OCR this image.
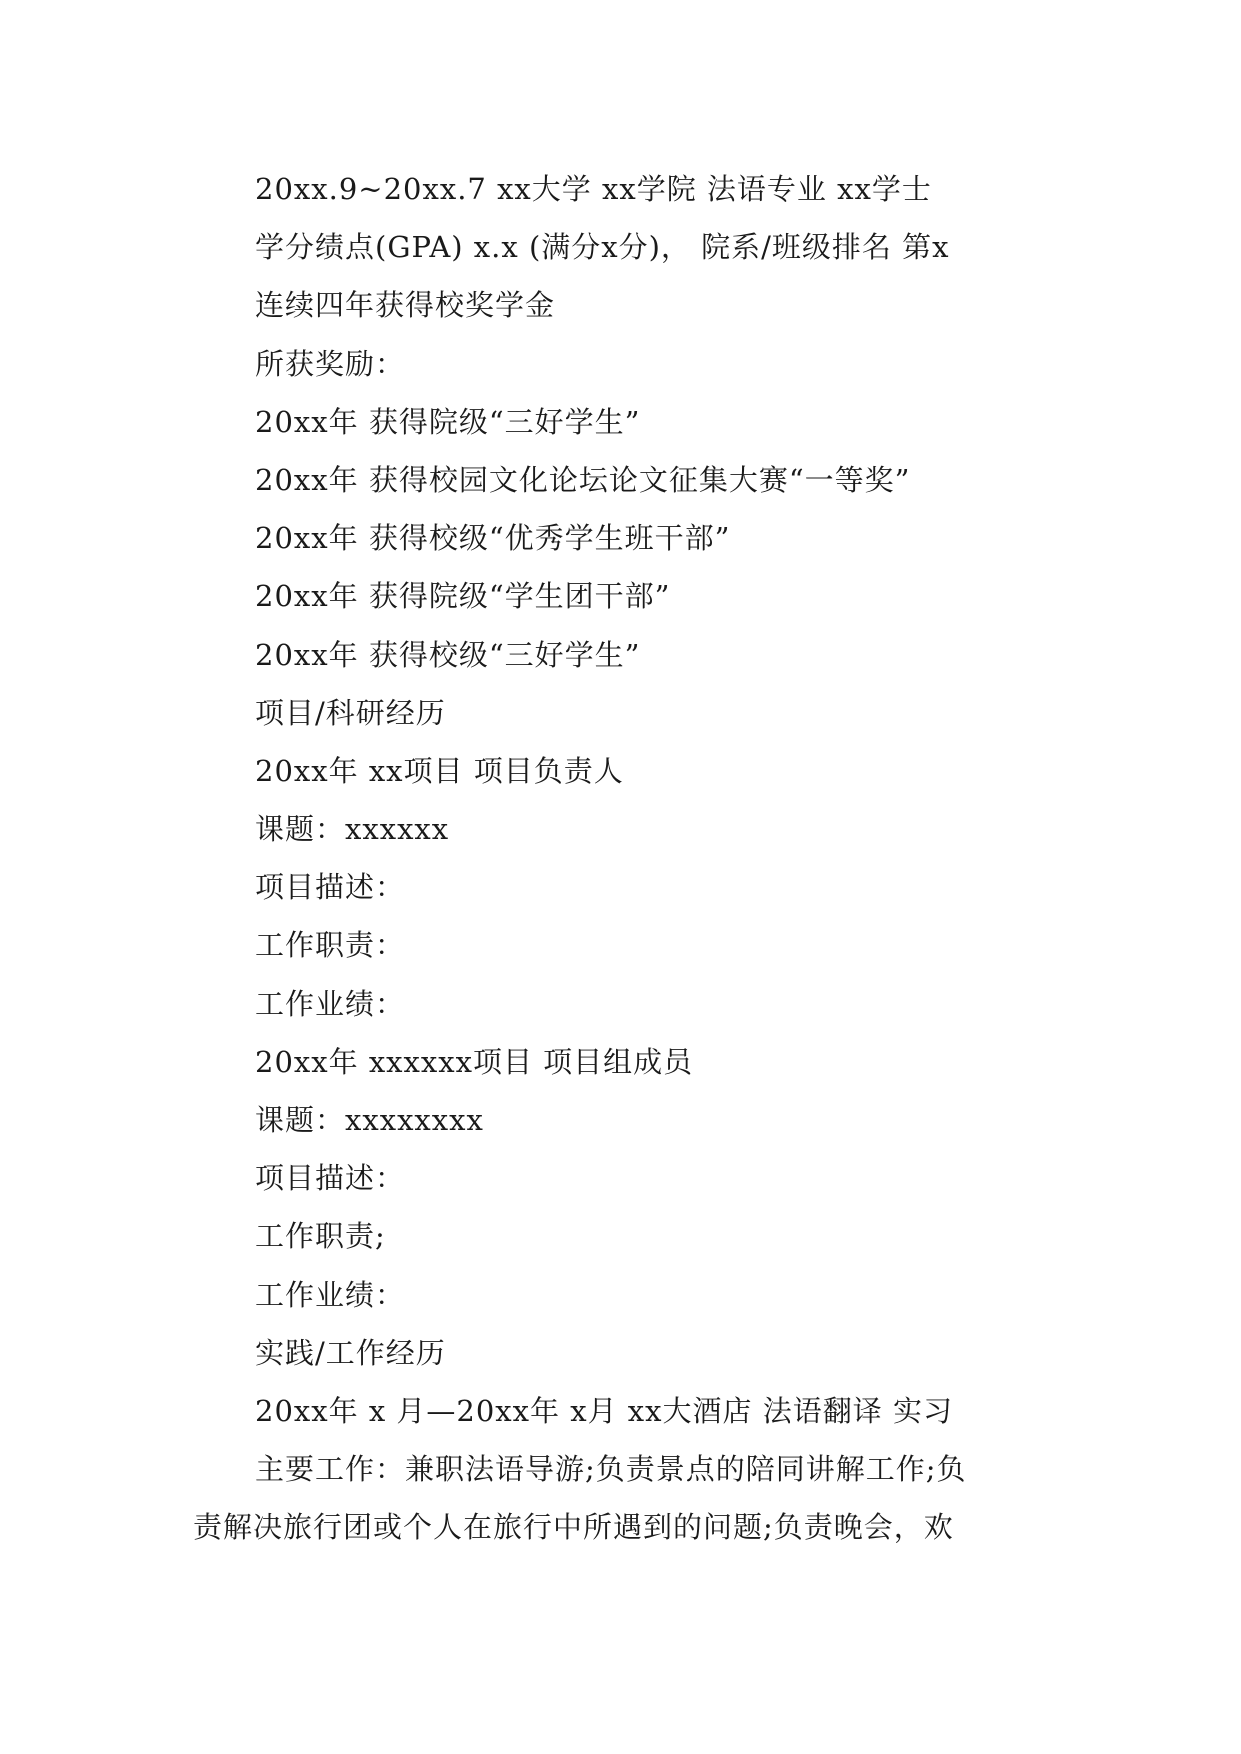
20xx.9~20xx.7 xx大学 xx学院 法语专业 xx学士
学分绩点(GPA) x.x (满分x分)， 院系/班级排名 第x
连续四年获得校奖学金
所获奖励：
20xx年 获得院级“三好学生”
20xx年 获得校园文化论坛论文征集大赛“一等奖”
20xx年 获得校级“优秀学生班干部”
20xx年 获得院级“学生团干部”
20xx年 获得校级“三好学生”
项目/科研经历
20xx年 xx项目 项目负责人
课题：xxxxxx
项目描述：
工作职责：
工作业绩：
20xx年 xxxxxx项目 项目组成员
课题：xxxxxxxx
项目描述：
工作职责;
工作业绩：
实践/工作经历
20xx年 x 月—20xx年 x月 xx大酒店 法语翻译 实习
主要工作：兼职法语导游;负责景点的陪同讲解工作;负
责解决旅行团或个人在旅行中所遇到的问题;负责晚会，欢
